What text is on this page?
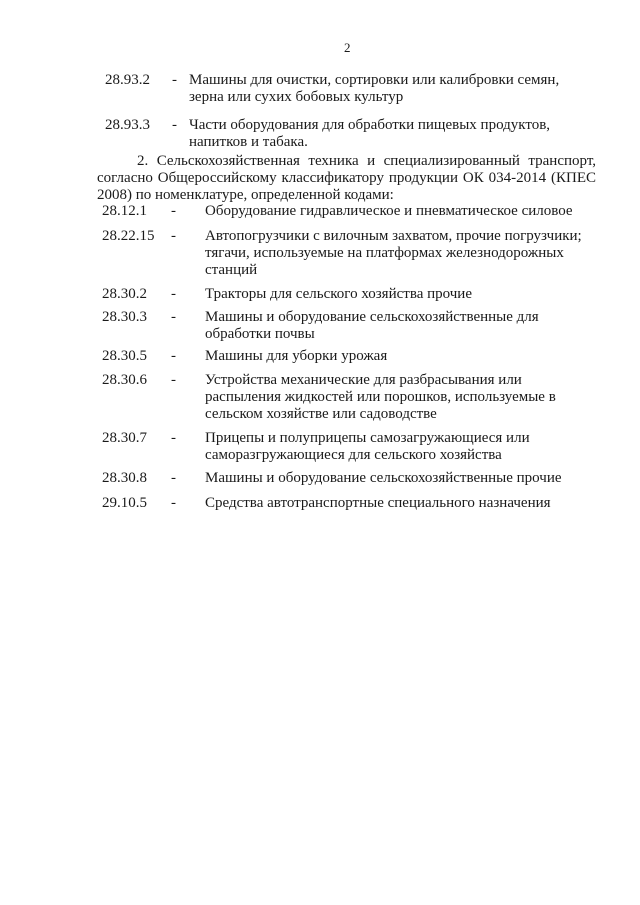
2
28.93.2 - Машины для очистки, сортировки или калибровки семян,
зерна или сухих бобовых культур
28.93.3 - Части оборудования для обработки пищевых продуктов,
напитков и табака.
2. Сельскохозяйственная техника и специализированный транспорт,
согласно Общероссийскому классификатору продукции ОК 034-2014 (КПЕС
2008) по номенклатуре, определенной кодами:
28.12.1 - Оборудование гидравлическое и пневматическое силовое
28.22.15 - Автопогрузчики с вилочным захватом, прочие погрузчики;
тягачи, используемые на платформах железнодорожных
станций
28.30.2 - Тракторы для сельского хозяйства прочие
28.30.3 - Машины и оборудование сельскохозяйственные для
обработки почвы
28.30.5 - Машины для уборки урожая
28.30.6 - Устройства механические для разбрасывания или
распыления жидкостей или порошков, используемые в
сельском хозяйстве или садоводстве
28.30.7 - Прицепы и полуприцепы самозагружающиеся или
саморазгружающиеся для сельского хозяйства
28.30.8 - Машины и оборудование сельскохозяйственные прочие
29.10.5 - Средства автотранспортные специального назначения
